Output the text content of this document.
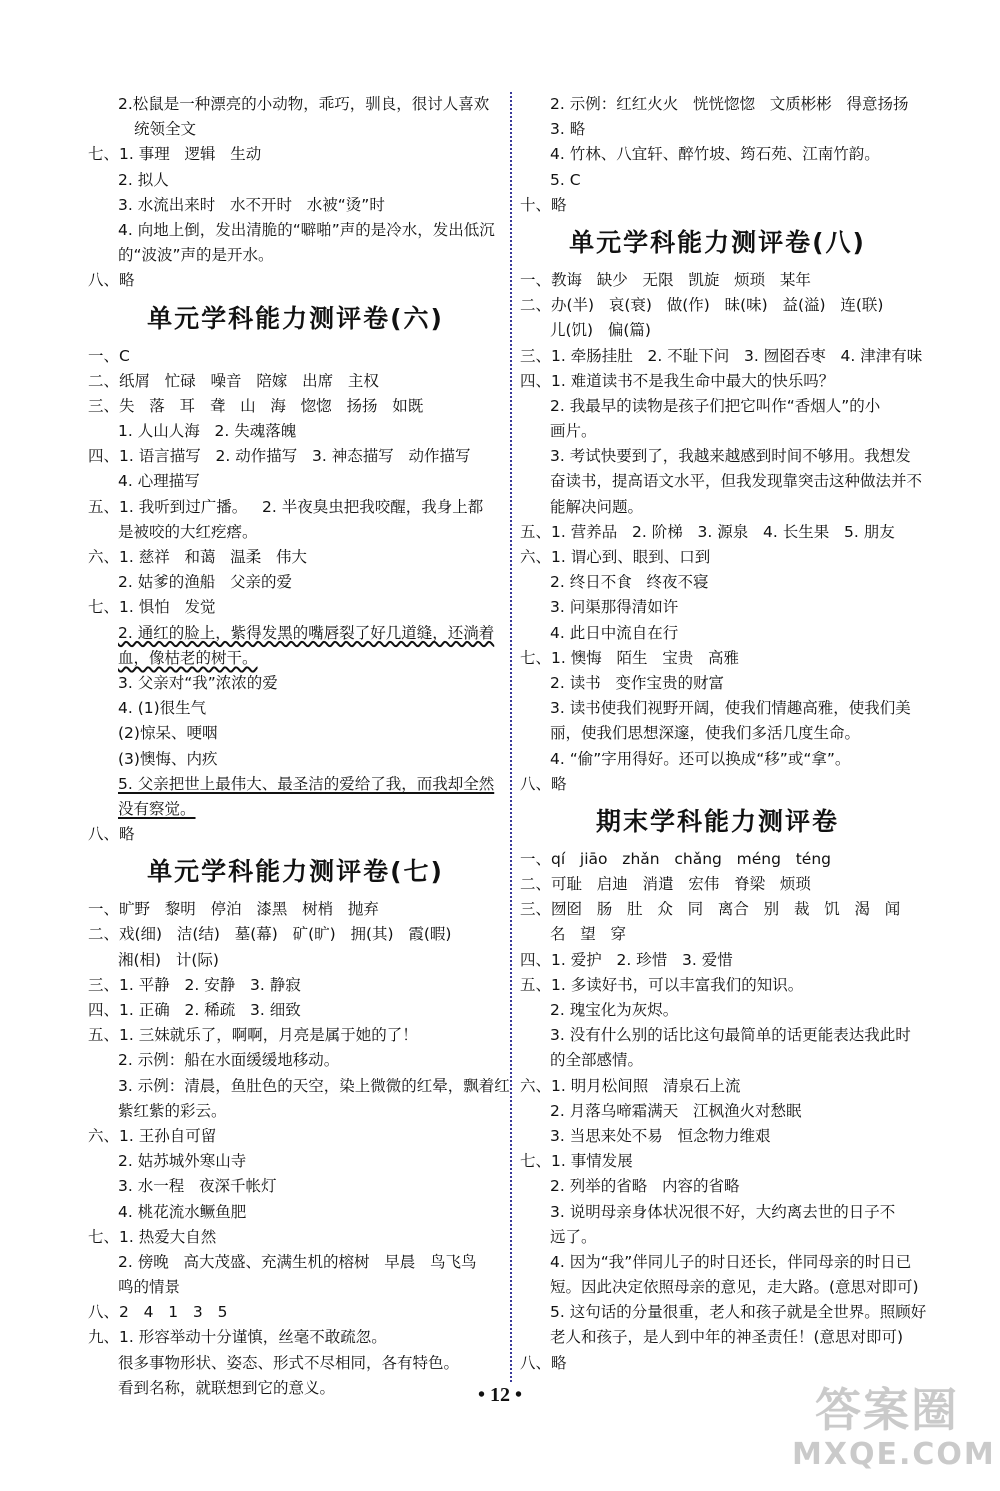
2.松鼠是一种漂亮的小动物，乖巧，驯良，很讨人喜欢
统领全文
七、1. 事理   逻辑   生动
2. 拟人
3. 水流出来时   水不开时   水被“烫”时
4. 向地上倒，发出清脆的“噼啪”声的是冷水，发出低沉
的“波波”声的是开水。
八、略
单元学科能力测评卷(六)
一、C
二、纸屑   忙碌   噪音   陪嫁   出席   主权
三、失   落   耳   聋   山   海   惚惚   扬扬   如既
1. 人山人海   2. 失魂落魄
四、1. 语言描写   2. 动作描写   3. 神态描写   动作描写
4. 心理描写
五、1. 我听到过广播。   2. 半夜臭虫把我咬醒，我身上都
是被咬的大红疙瘩。
六、1. 慈祥   和蔼   温柔   伟大
2. 姑爹的渔船   父亲的爱
七、1. 惧怕   发觉
2. 通红的脸上，紫得发黑的嘴唇裂了好几道缝，还淌着
血，像枯老的树干。
3. 父亲对“我”浓浓的爱
4. (1)很生气
(2)惊呆、哽咽
(3)懊悔、内疚
5. 父亲把世上最伟大、最圣洁的爱给了我，而我却全然
没有察觉。
八、略
单元学科能力测评卷(七)
一、旷野   黎明   停泊   漆黑   树梢   抛弃
二、戏(细)   洁(结)   墓(幕)   矿(旷)   拥(其)   霞(暇)
湘(相)   计(际)
三、1. 平静   2. 安静   3. 静寂
四、1. 正确   2. 稀疏   3. 细致
五、1. 三妹就乐了，啊啊，月亮是属于她的了！
2. 示例：船在水面缓缓地移动。
3. 示例：清晨，鱼肚色的天空，染上微微的红晕，飘着红
紫红紫的彩云。
六、1. 王孙自可留
2. 姑苏城外寒山寺
3. 水一程   夜深千帐灯
4. 桃花流水鳜鱼肥
七、1. 热爱大自然
2. 傍晚   高大茂盛、充满生机的榕树   早晨   鸟飞鸟
鸣的情景
八、2   4   1   3   5
九、1. 形容举动十分谨慎，丝毫不敢疏忽。
很多事物形状、姿态、形式不尽相同，各有特色。
看到名称，就联想到它的意义。
2. 示例：红红火火   恍恍惚惚   文质彬彬   得意扬扬
3. 略
4. 竹林、八宜轩、醉竹坡、筠石苑、江南竹韵。
5. C
十、略
单元学科能力测评卷(八)
一、教诲   缺少   无限   凯旋   烦琐   某年
二、办(半)   哀(衰)   做(作)   昧(味)   益(溢)   连(联)
儿(饥)   偏(篇)
三、1. 牵肠挂肚   2. 不耻下问   3. 囫囵吞枣   4. 津津有味
四、1. 难道读书不是我生命中最大的快乐吗？
2. 我最早的读物是孩子们把它叫作“香烟人”的小
画片。
3. 考试快要到了，我越来越感到时间不够用。我想发
奋读书，提高语文水平，但我发现靠突击这种做法并不
能解决问题。
五、1. 营养品   2. 阶梯   3. 源泉   4. 长生果   5. 朋友
六、1. 谓心到、眼到、口到
2. 终日不食   终夜不寝
3. 问渠那得清如许
4. 此日中流自在行
七、1. 懊悔   陌生   宝贵   高雅
2. 读书   变作宝贵的财富
3. 读书使我们视野开阔，使我们情趣高雅，使我们美
丽，使我们思想深邃，使我们多活几度生命。
4. “偷”字用得好。还可以换成“移”或“拿”。
八、略
期末学科能力测评卷
一、qí   jiāo   zhǎn   chǎng   méng   téng
二、可耻   启迪   消遣   宏伟   脊梁   烦琐
三、囫囵   肠   肚   众   同   离合   别   裁   饥   渴   闻
名   望   穿
四、1. 爱护   2. 珍惜   3. 爱惜
五、1. 多读好书，可以丰富我们的知识。
2. 瑰宝化为灰烬。
3. 没有什么别的话比这句最简单的话更能表达我此时
的全部感情。
六、1. 明月松间照   清泉石上流
2. 月落乌啼霜满天   江枫渔火对愁眠
3. 当思来处不易   恒念物力维艰
七、1. 事情发展
2. 列举的省略   内容的省略
3. 说明母亲身体状况很不好，大约离去世的日子不
远了。
4. 因为“我”伴同儿子的时日还长，伴同母亲的时日已
短。因此决定依照母亲的意见，走大路。(意思对即可)
5. 这句话的分量很重，老人和孩子就是全世界。照顾好
老人和孩子，是人到中年的神圣责任！(意思对即可)
八、略
• 12 •	答案圈
MXQE.COM
